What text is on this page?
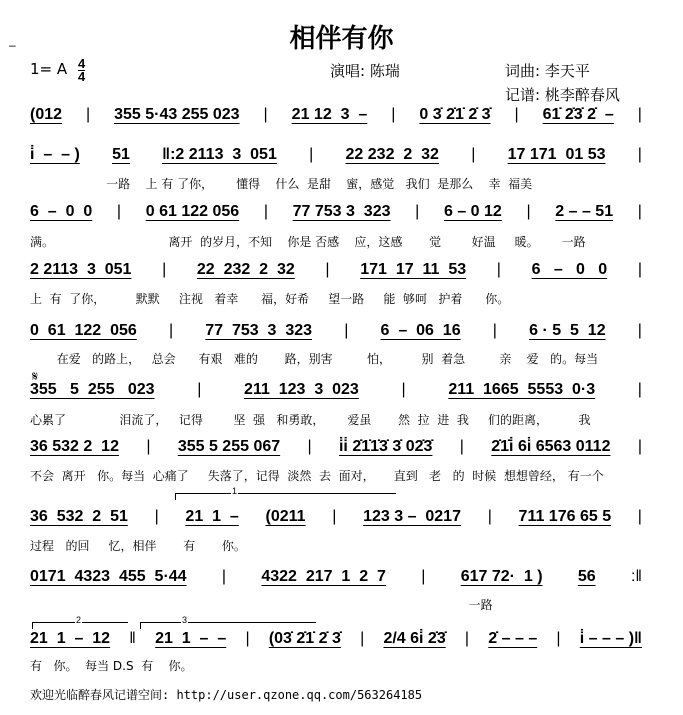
–	相伴有你
1= A 4
4	演唱: 陈瑞	词曲: 李天平
记谱: 桃李醉春风
𝄋
1
2	3
(012 | 355 5·43 255 023 | 21 12  3  – | 0 3̇ 2̇1̇ 2̇ 3̇ | 61̇ 2̇3̇ 2̇  – |
i̇  –  – ) 51 ‖:2 2113  3  051 | 22 232  2  32 | 17 171  01 53 |
一路    上 有 了你，      懂得    什么  是甜    蜜，感觉   我们  是那么    幸  福美
6  –  0  0 | 0 61 122 056 | 77 753 3  323 | 6 – 0 12 | 2 – – 51 |
满。                              离开  的岁月，不知    你是 否感    应，这感       觉        好温     暖。      一路
2 2113  3  051 | 22  232  2  32 | 171  17  11  53 | 6   –   0   0 |
上  有  了你，        默默     注视   着幸      福，好希     望一路     能  够呵   护着      你。
0  61  122  056 | 77  753  3  323 | 6  –  06  16 | 6 · 5  5  12 |
在爱   的路上，   总会      有艰   难的       路，别害         怕，        别  着急         亲    爱   的。每当
355   5  255   023	|	211  123  3  023	|	211  1665  5553  0·3	|
心累了              泪流了，   记得        坚  强   和勇敢，      爱虽       然  拉  进  我     们的距离，        我
36 532 2  12 | 355 5 255 067 | i̇i̇ 2̇1̇1̇3̇ 3̇ 02̇3̇ | 2̇1̇i̇ 6i̇ 6563 0112 |
不会  离开   你。每当  心痛了     失落了，记得  淡然  去  面对，     直到   老   的  时候  想想曾经， 有一个
36  532  2  51 | 21  1  – (0211 | 123 3 –  0217 | 711 176 65 5 |
过程   的回     忆，相伴       有       你。
0171  4323  455  5·44 | 4322  217  1  2  7 | 617 72·  1 ) 56 :‖
一路
21  1  –  12 ‖ 21  1  –  – | (03̇ 2̇1̇ 2̇ 3̇ | 2/4 6i̇ 2̇3̇ | 2̇ – – – | i̇ – – – )‖
有   你。  每当 D.S  有    你。
欢迎光临醉春风记谱空间: http://user.qzone.qq.com/563264185
